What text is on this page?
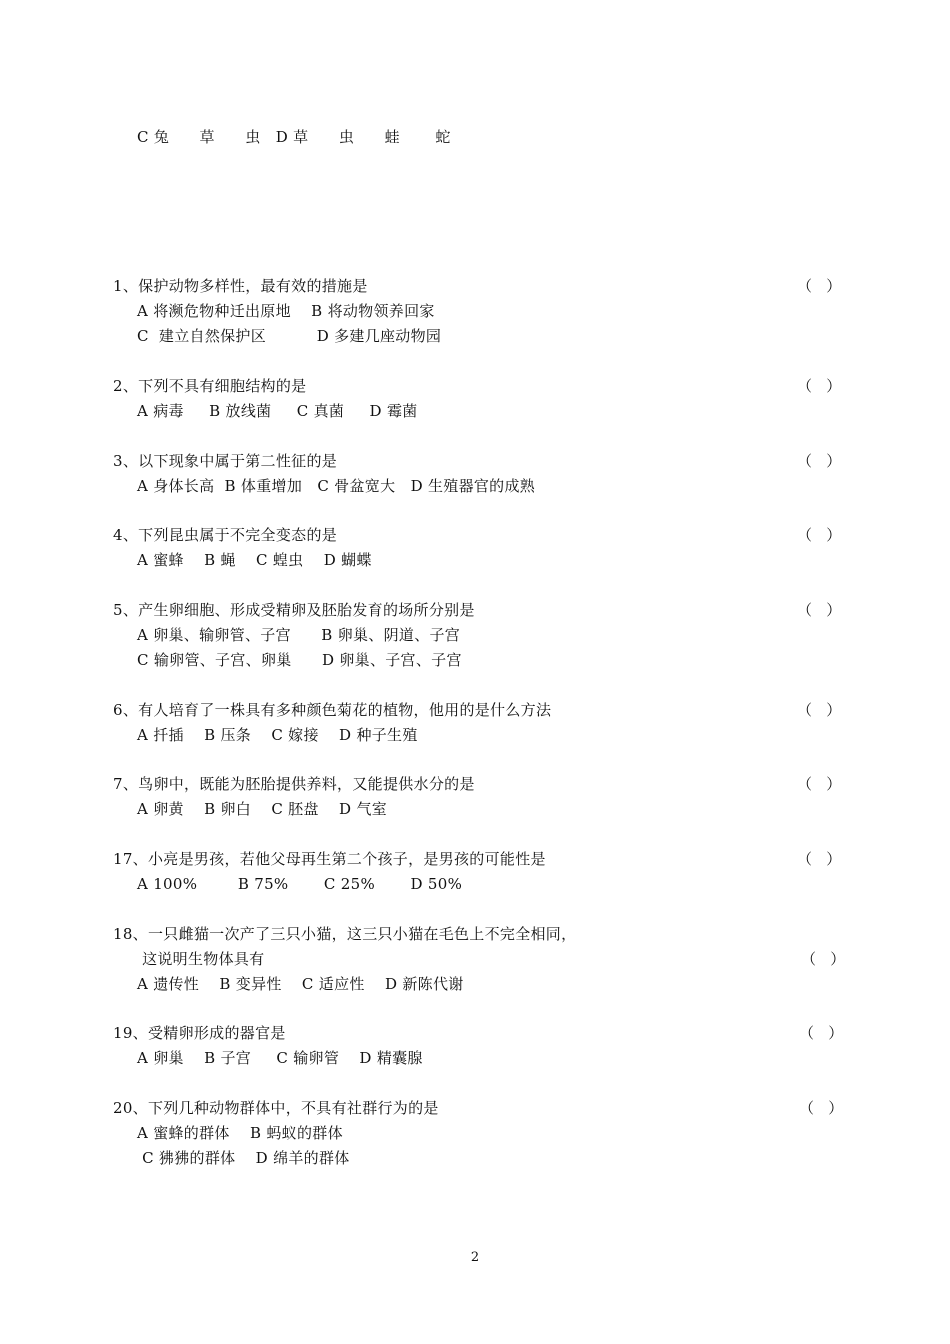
C 兔      草      虫   D 草      虫      蛙       蛇
1、保护动物多样性，最有效的措施是	（   ）
A 将濒危物种迁出原地    B 将动物领养回家
C  建立自然保护区          D 多建几座动物园
2、下列不具有细胞结构的是	（   ）
A 病毒     B 放线菌     C 真菌     D 霉菌
3、以下现象中属于第二性征的是	（   ）
A 身体长高  B 体重增加   C 骨盆宽大   D 生殖器官的成熟
4、下列昆虫属于不完全变态的是	（   ）
A 蜜蜂    B 蝇    C 蝗虫    D 蝴蝶
5、产生卵细胞、形成受精卵及胚胎发育的场所分别是	（   ）
A 卵巢、输卵管、子宫      B 卵巢、阴道、子宫
C 输卵管、子宫、卵巢      D 卵巢、子宫、子宫
6、有人培育了一株具有多种颜色菊花的植物，他用的是什么方法	（   ）
A 扦插    B 压条    C 嫁接    D 种子生殖
7、鸟卵中，既能为胚胎提供养料，又能提供水分的是	（   ）
A 卵黄    B 卵白    C 胚盘    D 气室
17、小亮是男孩，若他父母再生第二个孩子，是男孩的可能性是	（   ）
A 100%        B 75%       C 25%       D 50%
18、一只雌猫一次产了三只小猫，这三只小猫在毛色上不完全相同，
这说明生物体具有	（   ）
A 遗传性    B 变异性    C 适应性    D 新陈代谢
19、受精卵形成的器官是	（   ）
A 卵巢    B 子宫     C 输卵管    D 精囊腺
20、下列几种动物群体中，不具有社群行为的是	（   ）
A 蜜蜂的群体    B 蚂蚁的群体
C 狒狒的群体    D 绵羊的群体
2
